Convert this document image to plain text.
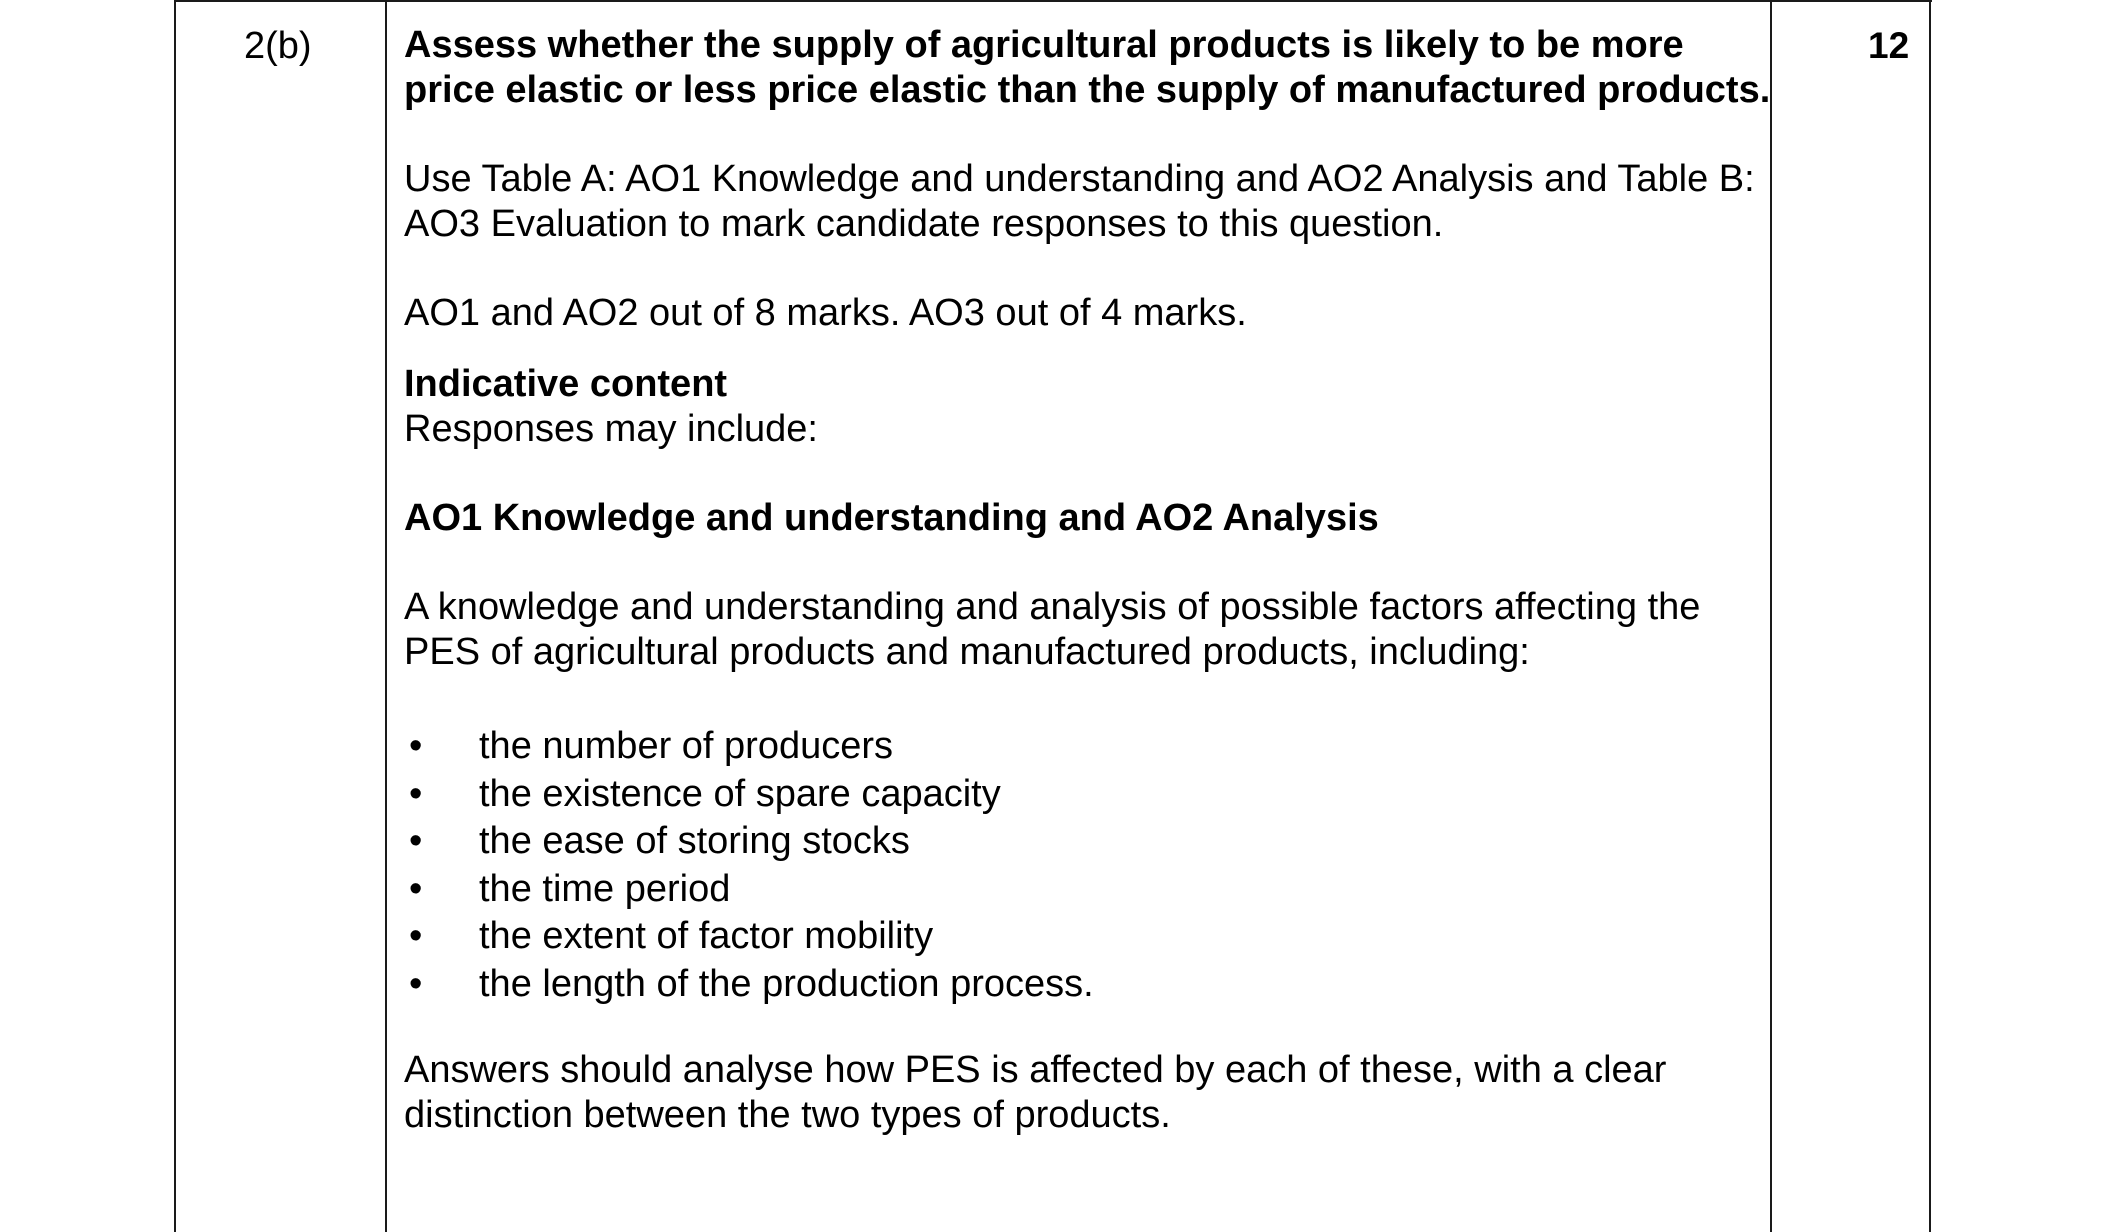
2(b)	12

Assess whether the supply of agricultural products is likely to be more price elastic or less price elastic than the supply of manufactured products.

Use Table A: AO1 Knowledge and understanding and AO2 Analysis and Table B: AO3 Evaluation to mark candidate responses to this question.

AO1 and AO2 out of 8 marks. AO3 out of 4 marks.

Indicative content

Responses may include:

AO1 Knowledge and understanding and AO2 Analysis

A knowledge and understanding and analysis of possible factors affecting the PES of agricultural products and manufactured products, including:

• the number of producers
• the existence of spare capacity
• the ease of storing stocks
• the time period
• the extent of factor mobility
• the length of the production process.

Answers should analyse how PES is affected by each of these, with a clear distinction between the two types of products.
